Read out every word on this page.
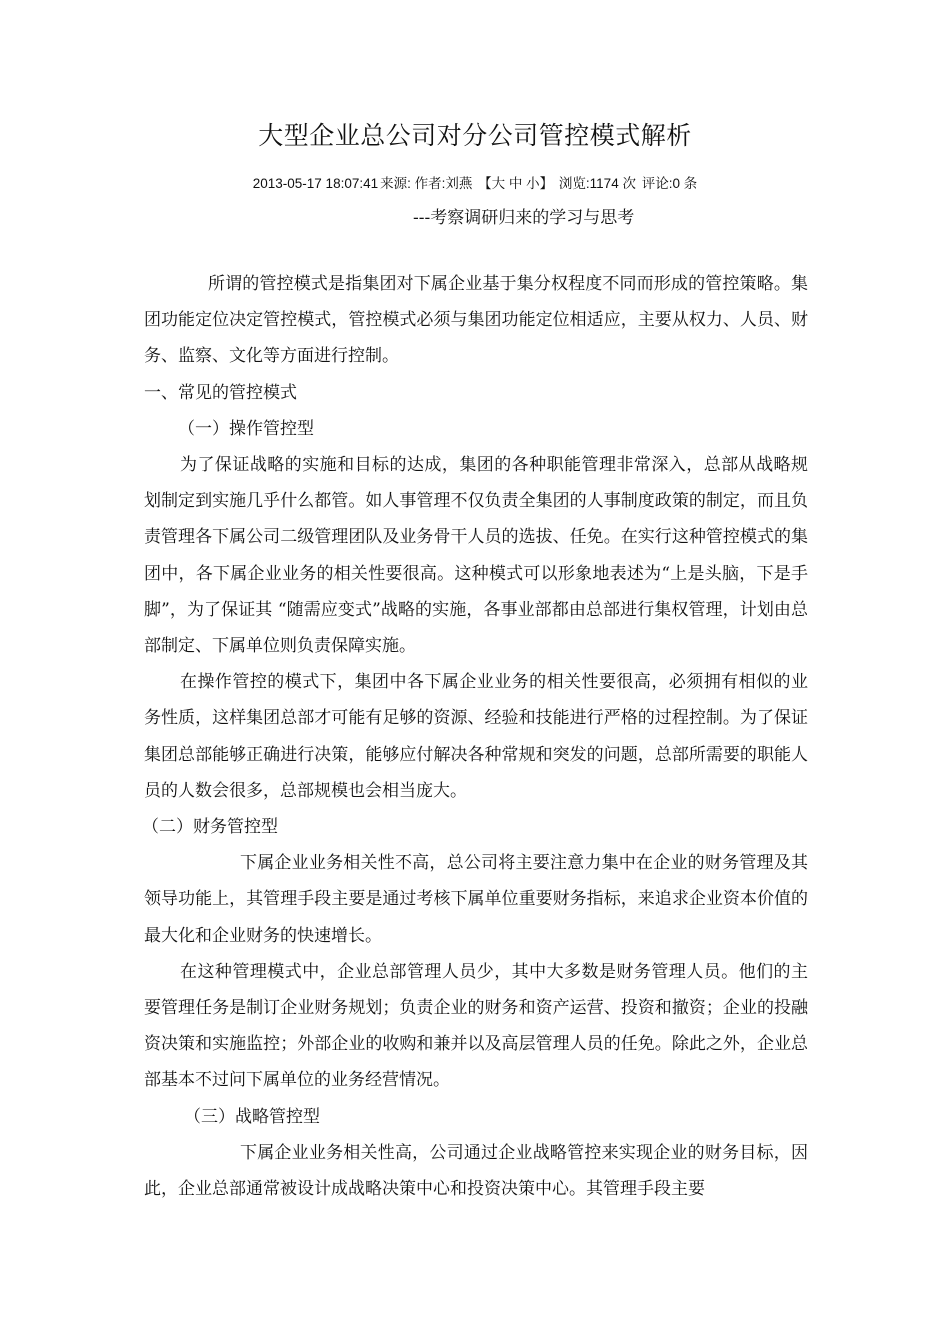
大型企业总公司对分公司管控模式解析
2013-05-17 18:07:41 来源: 作者:刘燕 【大 中 小】 浏览:1174 次 评论:0 条
---考察调研归来的学习与思考

所谓的管控模式是指集团对下属企业基于集分权程度不同而形成的管控策略。集团功能定位决定管控模式，管控模式必须与集团功能定位相适应，主要从权力、人员、财务、监察、文化等方面进行控制。

一、常见的管控模式
（一）操作管控型

为了保证战略的实施和目标的达成，集团的各种职能管理非常深入，总部从战略规划制定到实施几乎什么都管。如人事管理不仅负责全集团的人事制度政策的制定，而且负责管理各下属公司二级管理团队及业务骨干人员的选拔、任免。在实行这种管控模式的集团中，各下属企业业务的相关性要很高。这种模式可以形象地表述为“上是头脑，下是手脚”，为了保证其 “随需应变式”战略的实施，各事业部都由总部进行集权管理，计划由总部制定、下属单位则负责保障实施。

在操作管控的模式下，集团中各下属企业业务的相关性要很高，必须拥有相似的业务性质，这样集团总部才可能有足够的资源、经验和技能进行严格的过程控制。为了保证集团总部能够正确进行决策，能够应付解决各种常规和突发的问题，总部所需要的职能人员的人数会很多，总部规模也会相当庞大。

（二）财务管控型

下属企业业务相关性不高，总公司将主要注意力集中在企业的财务管理及其领导功能上，其管理手段主要是通过考核下属单位重要财务指标，来追求企业资本价值的最大化和企业财务的快速增长。

在这种管理模式中，企业总部管理人员少，其中大多数是财务管理人员。他们的主要管理任务是制订企业财务规划；负责企业的财务和资产运营、投资和撤资；企业的投融资决策和实施监控；外部企业的收购和兼并以及高层管理人员的任免。除此之外，企业总部基本不过问下属单位的业务经营情况。

（三）战略管控型

下属企业业务相关性高，公司通过企业战略管控来实现企业的财务目标，因此，企业总部通常被设计成战略决策中心和投资决策中心。其管理手段主要
